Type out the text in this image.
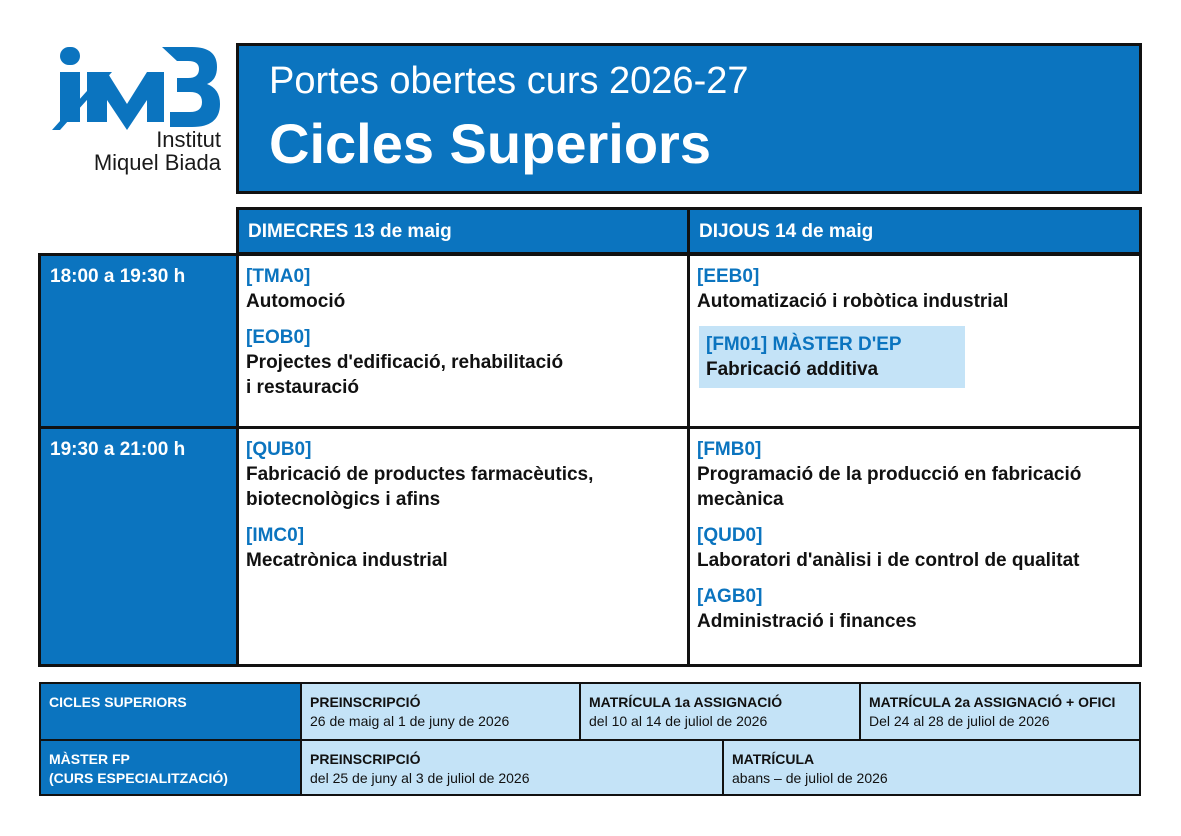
Institut
Miquel Biada
Portes obertes curs 2026-27
Cicles Superiors
DIMECRES 13 de maig	DIJOUS 14 de maig
18:00 a 19:30 h
19:30 a 21:00 h
[TMA0]
Automoció
[EOB0]
Projectes d'edificació, rehabilitació
i restauració
[EEB0]
Automatizació i robòtica industrial
[FM01] MÀSTER D'EP
Fabricació additiva
[QUB0]
Fabricació de productes farmacèutics,
biotecnològics i afins
[IMC0]
Mecatrònica industrial
[FMB0]
Programació de la producció en fabricació
mecànica
[QUD0]
Laboratori d'anàlisi i de control de qualitat
[AGB0]
Administració i finances
CICLES SUPERIORS	PREINSCRIPCIÓ
26 de maig al 1 de juny de 2026
MATRÍCULA 1a ASSIGNACIÓ
del 10 al 14 de juliol de 2026
MATRÍCULA 2a ASSIGNACIÓ + OFICI
Del 24 al 28 de juliol de 2026
MÀSTER FP
(CURS ESPECIALITZACIÓ)
PREINSCRIPCIÓ
del 25 de juny al 3 de juliol de 2026
MATRÍCULA
abans – de juliol de 2026
